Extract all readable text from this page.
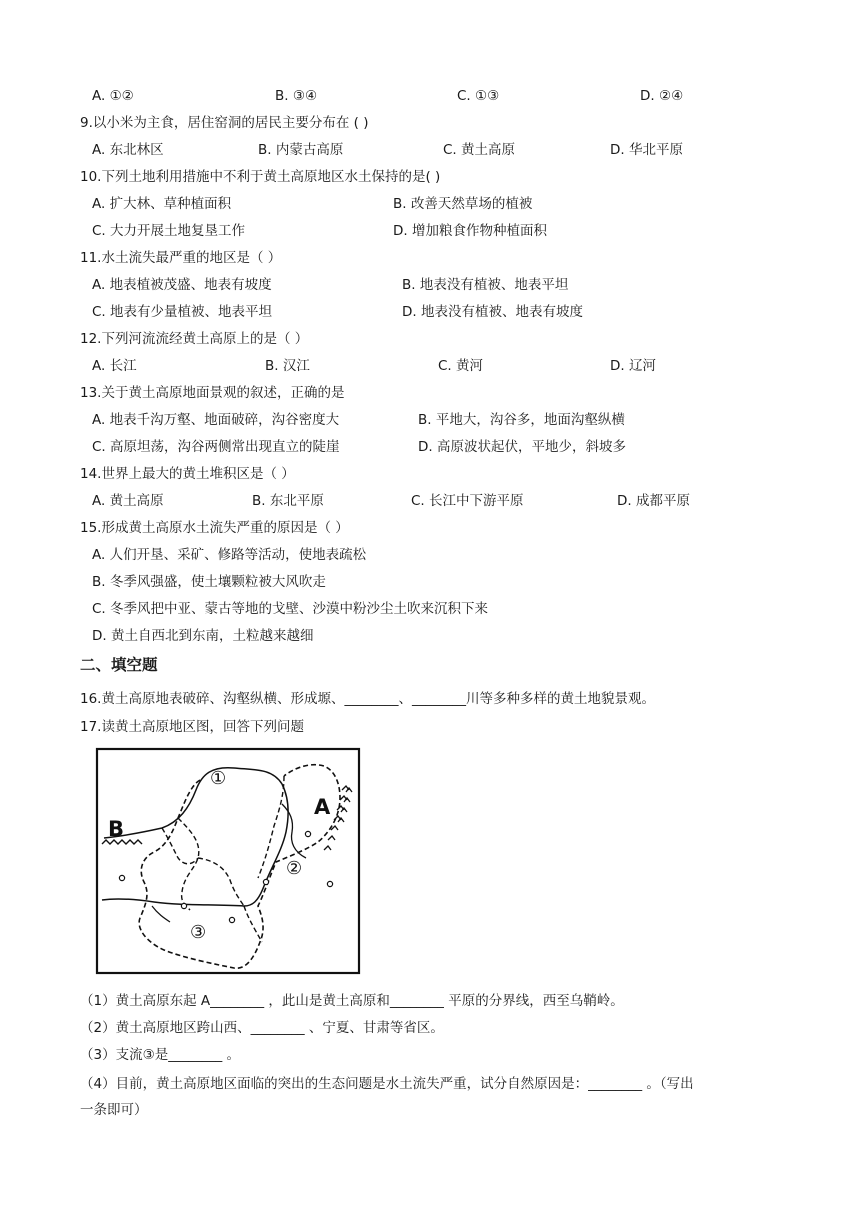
A. ①②	B. ③④	C. ①③	D. ②④
9.以小米为主食，居住窑洞的居民主要分布在 ( )
A. 东北林区	B. 内蒙古高原	C. 黄土高原	D. 华北平原
10.下列土地利用措施中不利于黄土高原地区水土保持的是( )
A. 扩大林、草种植面积	B. 改善天然草场的植被
C. 大力开展土地复垦工作	D. 增加粮食作物种植面积
11.水土流失最严重的地区是（ ）
A. 地表植被茂盛、地表有坡度	B. 地表没有植被、地表平坦
C. 地表有少量植被、地表平坦	D. 地表没有植被、地表有坡度
12.下列河流流经黄土高原上的是（ ）
A. 长江	B. 汉江	C. 黄河	D. 辽河
13.关于黄土高原地面景观的叙述，正确的是
A. 地表千沟万壑、地面破碎，沟谷密度大	B. 平地大，沟谷多，地面沟壑纵横
C. 高原坦荡，沟谷两侧常出现直立的陡崖	D. 高原波状起伏，平地少，斜坡多
14.世界上最大的黄土堆积区是（ ）
A. 黄土高原	B. 东北平原	C. 长江中下游平原	D. 成都平原
15.形成黄土高原水土流失严重的原因是（ ）
A. 人们开垦、采矿、修路等活动，使地表疏松
B. 冬季风强盛，使土壤颗粒被大风吹走
C. 冬季风把中亚、蒙古等地的戈壁、沙漠中粉沙尘土吹来沉积下来
D. 黄土自西北到东南，土粒越来越细
二、填空题
16.黄土高原地表破碎、沟壑纵横、形成塬、________、________川等多种多样的黄土地貌景观。
17.读黄土高原地区图，回答下列问题
①
②
③
A
B
（1）黄土高原东起 A________ ，此山是黄土高原和________ 平原的分界线，西至乌鞘岭。
（2）黄土高原地区跨山西、________ 、宁夏、甘肃等省区。
（3）支流③是________ 。
（4）目前，黄土高原地区面临的突出的生态问题是水土流失严重，试分自然原因是：________ 。（写出
一条即可）
